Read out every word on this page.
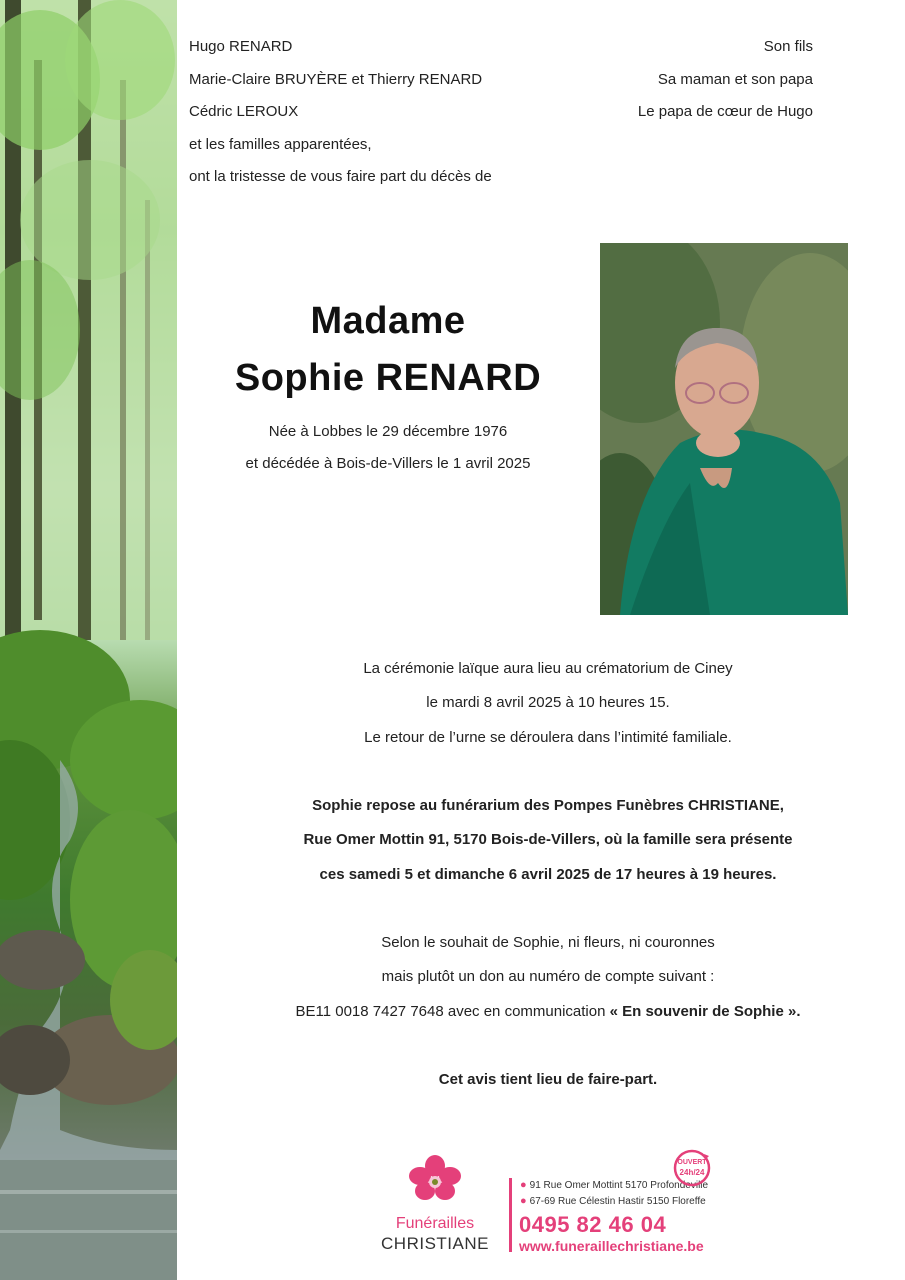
Hugo RENARD	Son fils
Marie-Claire BRUYÈRE et Thierry RENARD	Sa maman et son papa
Cédric LEROUX	Le papa de cœur de Hugo
et les familles apparentées,
ont la tristesse de vous faire part du décès de
Madame
Sophie RENARD
Née à Lobbes le 29 décembre 1976
et décédée à Bois-de-Villers le 1 avril 2025
La cérémonie laïque aura lieu au crématorium de Ciney
le mardi 8 avril 2025 à 10 heures 15.
Le retour de l’urne se déroulera dans l’intimité familiale.
Sophie repose au funérarium des Pompes Funèbres CHRISTIANE,
Rue Omer Mottin 91, 5170 Bois-de-Villers, où la famille sera présente
ces samedi 5 et dimanche 6 avril 2025 de 17 heures à 19 heures.
Selon le souhait de Sophie, ni fleurs, ni couronnes
mais plutôt un don au numéro de compte suivant :
BE11 0018 7427 7648 avec en communication « En souvenir de Sophie ».
Cet avis tient lieu de faire-part.
Funérailles
CHRISTIANE
● 91 Rue Omer Mottint 5170 Profondeville
● 67-69 Rue Célestin Hastir 5150 Floreffe
0495 82 46 04
www.funeraillechristiane.be
OUVERT
24h/24
